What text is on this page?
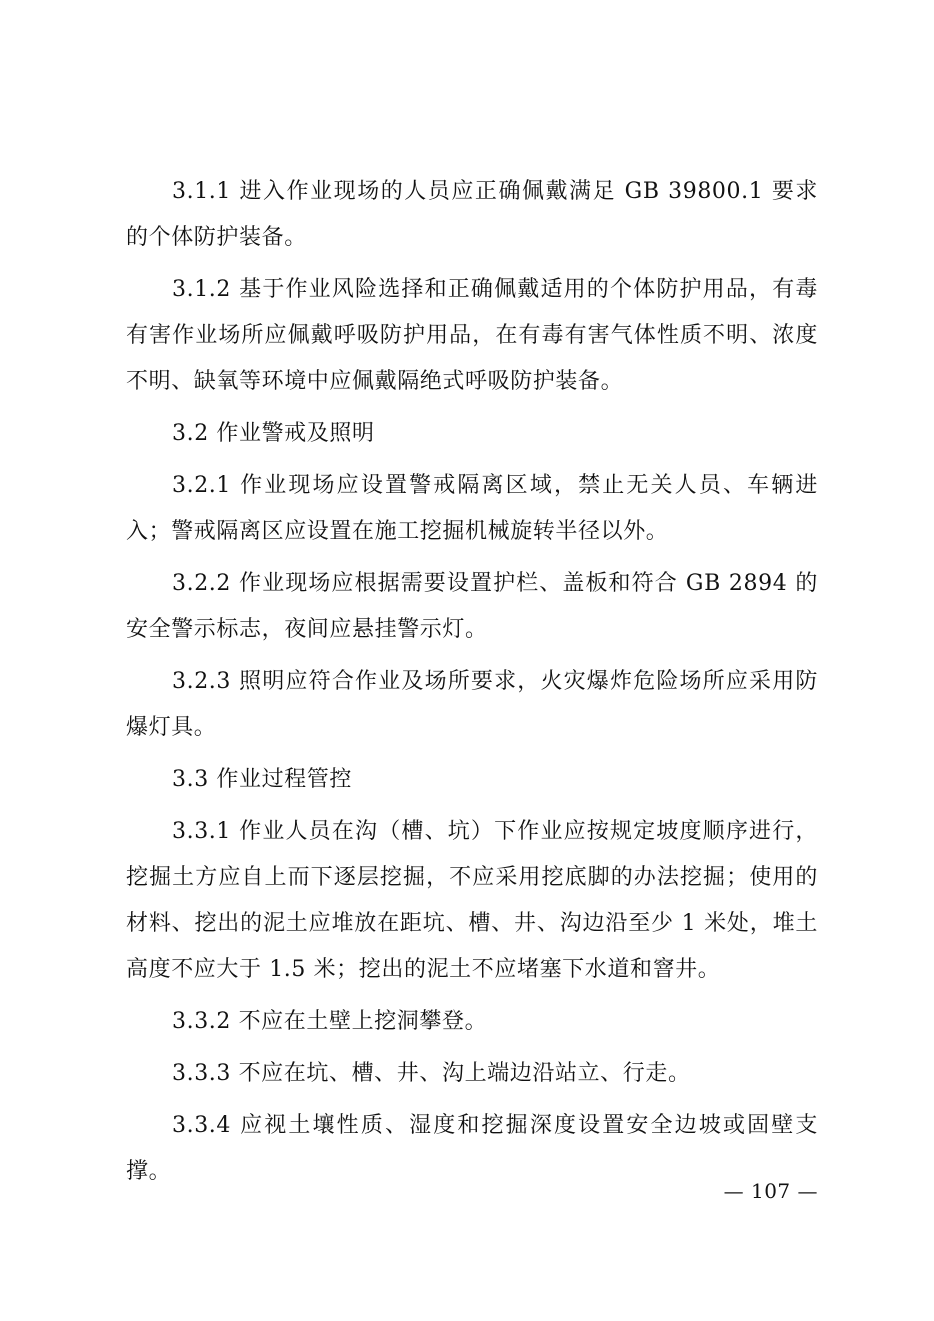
3.1.1 进入作业现场的人员应正确佩戴满足 GB 39800.1 要求的个体防护装备。

3.1.2 基于作业风险选择和正确佩戴适用的个体防护用品，有毒有害作业场所应佩戴呼吸防护用品，在有毒有害气体性质不明、浓度不明、缺氧等环境中应佩戴隔绝式呼吸防护装备。

3.2 作业警戒及照明

3.2.1 作业现场应设置警戒隔离区域，禁止无关人员、车辆进入；警戒隔离区应设置在施工挖掘机械旋转半径以外。

3.2.2 作业现场应根据需要设置护栏、盖板和符合 GB 2894 的安全警示标志，夜间应悬挂警示灯。

3.2.3 照明应符合作业及场所要求，火灾爆炸危险场所应采用防爆灯具。

3.3 作业过程管控

3.3.1 作业人员在沟（槽、坑）下作业应按规定坡度顺序进行，挖掘土方应自上而下逐层挖掘，不应采用挖底脚的办法挖掘；使用的材料、挖出的泥土应堆放在距坑、槽、井、沟边沿至少 1 米处，堆土高度不应大于 1.5 米；挖出的泥土不应堵塞下水道和窨井。

3.3.2 不应在土壁上挖洞攀登。

3.3.3 不应在坑、槽、井、沟上端边沿站立、行走。

3.3.4 应视土壤性质、湿度和挖掘深度设置安全边坡或固壁支撑。

— 107 —
